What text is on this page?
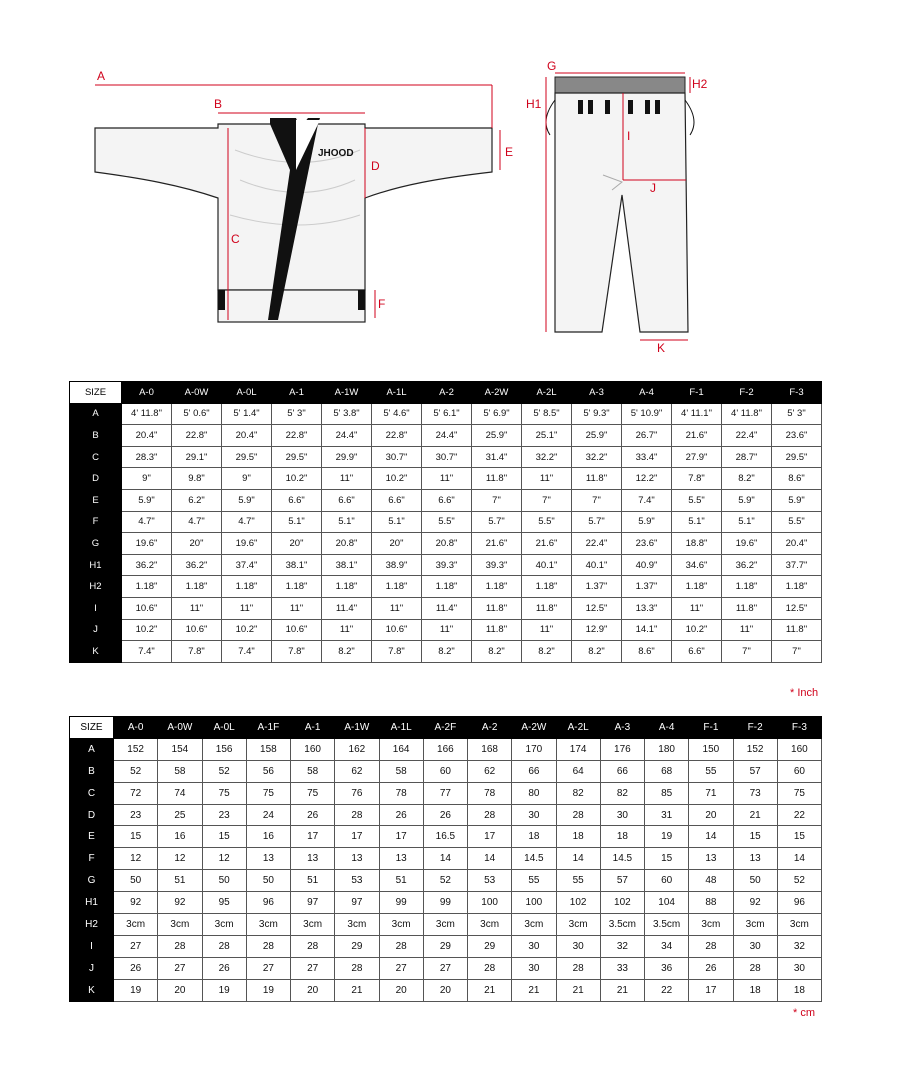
JHOOD
A
B
C
D
E
F
G
H2
H1
I
J
K
SIZE	A-0	A-0W	A-0L	A-1	A-1W	A-1L	A-2	A-2W	A-2L	A-3	A-4	F-1	F-2	F-3
A	4' 11.8"	5' 0.6"	5' 1.4"	5' 3"	5' 3.8"	5' 4.6"	5' 6.1"	5' 6.9"	5' 8.5"	5' 9.3"	5' 10.9"	4' 11.1"	4' 11.8"	5' 3"
B	20.4"	22.8"	20.4"	22.8"	24.4"	22.8"	24.4"	25.9"	25.1"	25.9"	26.7"	21.6"	22.4"	23.6"
C	28.3"	29.1"	29.5"	29.5"	29.9"	30.7"	30.7"	31.4"	32.2"	32.2"	33.4"	27.9"	28.7"	29.5"
D	9"	9.8"	9"	10.2"	11"	10.2"	11"	11.8"	11"	11.8"	12.2"	7.8"	8.2"	8.6"
E	5.9"	6.2"	5.9"	6.6"	6.6"	6.6"	6.6"	7"	7"	7"	7.4"	5.5"	5.9"	5.9"
F	4.7"	4.7"	4.7"	5.1"	5.1"	5.1"	5.5"	5.7"	5.5"	5.7"	5.9"	5.1"	5.1"	5.5"
G	19.6"	20"	19.6"	20"	20.8"	20"	20.8"	21.6"	21.6"	22.4"	23.6"	18.8"	19.6"	20.4"
H1	36.2"	36.2"	37.4"	38.1"	38.1"	38.9"	39.3"	39.3"	40.1"	40.1"	40.9"	34.6"	36.2"	37.7"
H2	1.18"	1.18"	1.18"	1.18"	1.18"	1.18"	1.18"	1.18"	1.18"	1.37"	1.37"	1.18"	1.18"	1.18"
I	10.6"	11"	11"	11"	11.4"	11"	11.4"	11.8"	11.8"	12.5"	13.3"	11"	11.8"	12.5"
J	10.2"	10.6"	10.2"	10.6"	11"	10.6"	11"	11.8"	11"	12.9"	14.1"	10.2"	11"	11.8"
K	7.4"	7.8"	7.4"	7.8"	8.2"	7.8"	8.2"	8.2"	8.2"	8.2"	8.6"	6.6"	7"	7"
* Inch
SIZE	A-0	A-0W	A-0L	A-1F	A-1	A-1W	A-1L	A-2F	A-2	A-2W	A-2L	A-3	A-4	F-1	F-2	F-3
A	152	154	156	158	160	162	164	166	168	170	174	176	180	150	152	160
B	52	58	52	56	58	62	58	60	62	66	64	66	68	55	57	60
C	72	74	75	75	75	76	78	77	78	80	82	82	85	71	73	75
D	23	25	23	24	26	28	26	26	28	30	28	30	31	20	21	22
E	15	16	15	16	17	17	17	16.5	17	18	18	18	19	14	15	15
F	12	12	12	13	13	13	13	14	14	14.5	14	14.5	15	13	13	14
G	50	51	50	50	51	53	51	52	53	55	55	57	60	48	50	52
H1	92	92	95	96	97	97	99	99	100	100	102	102	104	88	92	96
H2	3cm	3cm	3cm	3cm	3cm	3cm	3cm	3cm	3cm	3cm	3cm	3.5cm	3.5cm	3cm	3cm	3cm
I	27	28	28	28	28	29	28	29	29	30	30	32	34	28	30	32
J	26	27	26	27	27	28	27	27	28	30	28	33	36	26	28	30
K	19	20	19	19	20	21	20	20	21	21	21	21	22	17	18	18
* cm
